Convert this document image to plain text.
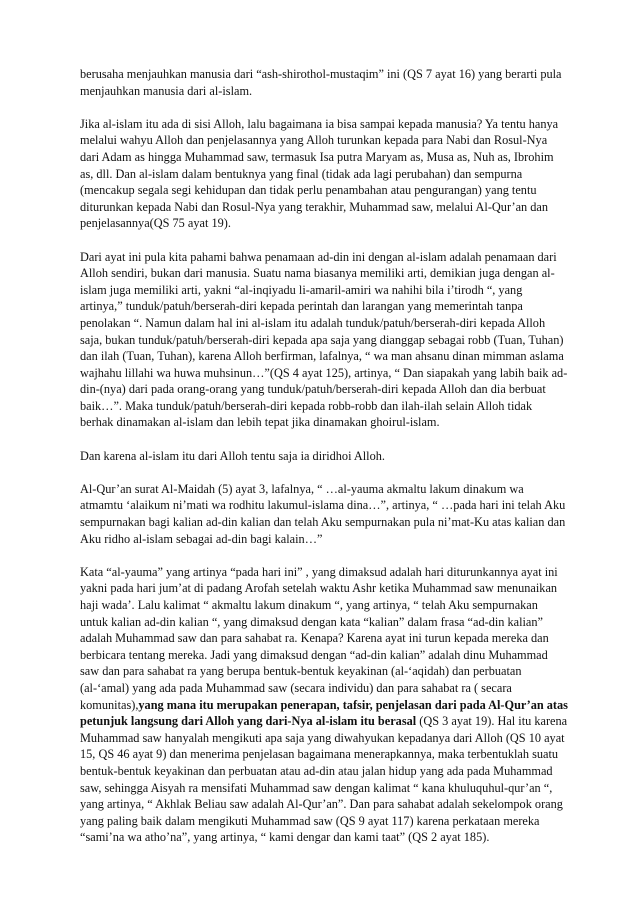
berusaha menjauhkan manusia dari “ash-shirothol-mustaqim” ini (QS 7 ayat 16) yang berarti pula menjauhkan manusia dari al-islam.

Jika al-islam itu ada di sisi Alloh, lalu bagaimana ia bisa sampai kepada manusia? Ya tentu hanya melalui wahyu Alloh dan penjelasannya yang Alloh turunkan kepada para Nabi dan Rosul-Nya dari Adam as hingga Muhammad saw, termasuk Isa putra Maryam as, Musa as, Nuh as, Ibrohim as, dll. Dan al-islam dalam bentuknya yang final (tidak ada lagi perubahan) dan sempurna (mencakup segala segi kehidupan dan tidak perlu penambahan atau pengurangan) yang tentu diturunkan kepada Nabi dan Rosul-Nya yang terakhir, Muhammad saw, melalui Al-Qur’an dan penjelasannya(QS 75 ayat 19).

Dari ayat ini pula kita pahami bahwa penamaan ad-din ini dengan al-islam adalah penamaan dari Alloh sendiri, bukan dari manusia. Suatu nama biasanya memiliki arti, demikian juga dengan al-islam juga memiliki arti, yakni “al-inqiyadu li-amaril-amiri wa nahihi bila i’tirodh “, yang artinya,” tunduk/patuh/berserah-diri kepada perintah dan larangan yang memerintah tanpa penolakan “. Namun dalam hal ini al-islam itu adalah tunduk/patuh/berserah-diri kepada Alloh saja, bukan tunduk/patuh/berserah-diri kepada apa saja yang dianggap sebagai robb (Tuan, Tuhan) dan ilah (Tuan, Tuhan), karena Alloh berfirman, lafalnya, “ wa man ahsanu dinan mimman aslama wajhahu lillahi wa huwa muhsinun…”(QS 4 ayat 125), artinya, “ Dan siapakah yang labih baik ad-din-(nya) dari pada orang-orang yang tunduk/patuh/berserah-diri kepada Alloh dan dia berbuat baik…”. Maka tunduk/patuh/berserah-diri kepada robb-robb dan ilah-ilah selain Alloh tidak berhak dinamakan al-islam dan lebih tepat jika dinamakan ghoirul-islam.

Dan karena al-islam itu dari Alloh tentu saja ia diridhoi Alloh.

Al-Qur’an surat Al-Maidah (5) ayat 3, lafalnya, “ …al-yauma akmaltu lakum dinakum wa atmamtu ‘alaikum ni’mati wa rodhitu lakumul-islama dina…”, artinya, “ …pada hari ini telah Aku sempurnakan bagi kalian ad-din kalian dan telah Aku sempurnakan pula ni’mat-Ku atas kalian dan Aku ridho al-islam sebagai ad-din bagi kalain…”

Kata “al-yauma” yang artinya “pada hari ini” , yang dimaksud adalah hari diturunkannya ayat ini yakni pada hari jum’at di padang Arofah setelah waktu Ashr ketika Muhammad saw menunaikan haji wada’. Lalu kalimat “ akmaltu lakum dinakum “, yang artinya, “ telah Aku sempurnakan untuk kalian ad-din kalian “, yang dimaksud dengan kata “kalian” dalam frasa “ad-din kalian” adalah Muhammad saw dan para sahabat ra. Kenapa? Karena ayat ini turun kepada mereka dan berbicara tentang mereka. Jadi yang dimaksud dengan “ad-din kalian” adalah dinu Muhammad saw dan para sahabat ra yang berupa bentuk-bentuk keyakinan (al-‘aqidah) dan perbuatan (al-‘amal) yang ada pada Muhammad saw (secara individu) dan para sahabat ra ( secara komunitas),yang mana itu merupakan penerapan, tafsir, penjelasan dari pada Al-Qur’an atas petunjuk langsung dari Alloh yang dari-Nya al-islam itu berasal (QS 3 ayat 19). Hal itu karena Muhammad saw hanyalah mengikuti apa saja yang diwahyukan kepadanya dari Alloh (QS 10 ayat 15, QS 46 ayat 9) dan menerima penjelasan bagaimana menerapkannya, maka terbentuklah suatu bentuk-bentuk keyakinan dan perbuatan atau ad-din atau jalan hidup yang ada pada Muhammad saw, sehingga Aisyah ra mensifati Muhammad saw dengan kalimat “ kana khuluquhul-qur’an “, yang artinya, “ Akhlak Beliau saw adalah Al-Qur’an”. Dan para sahabat adalah sekelompok orang yang paling baik dalam mengikuti Muhammad saw (QS 9 ayat 117) karena perkataan mereka “sami’na wa atho’na”, yang artinya, “ kami dengar dan kami taat” (QS 2 ayat 185).
